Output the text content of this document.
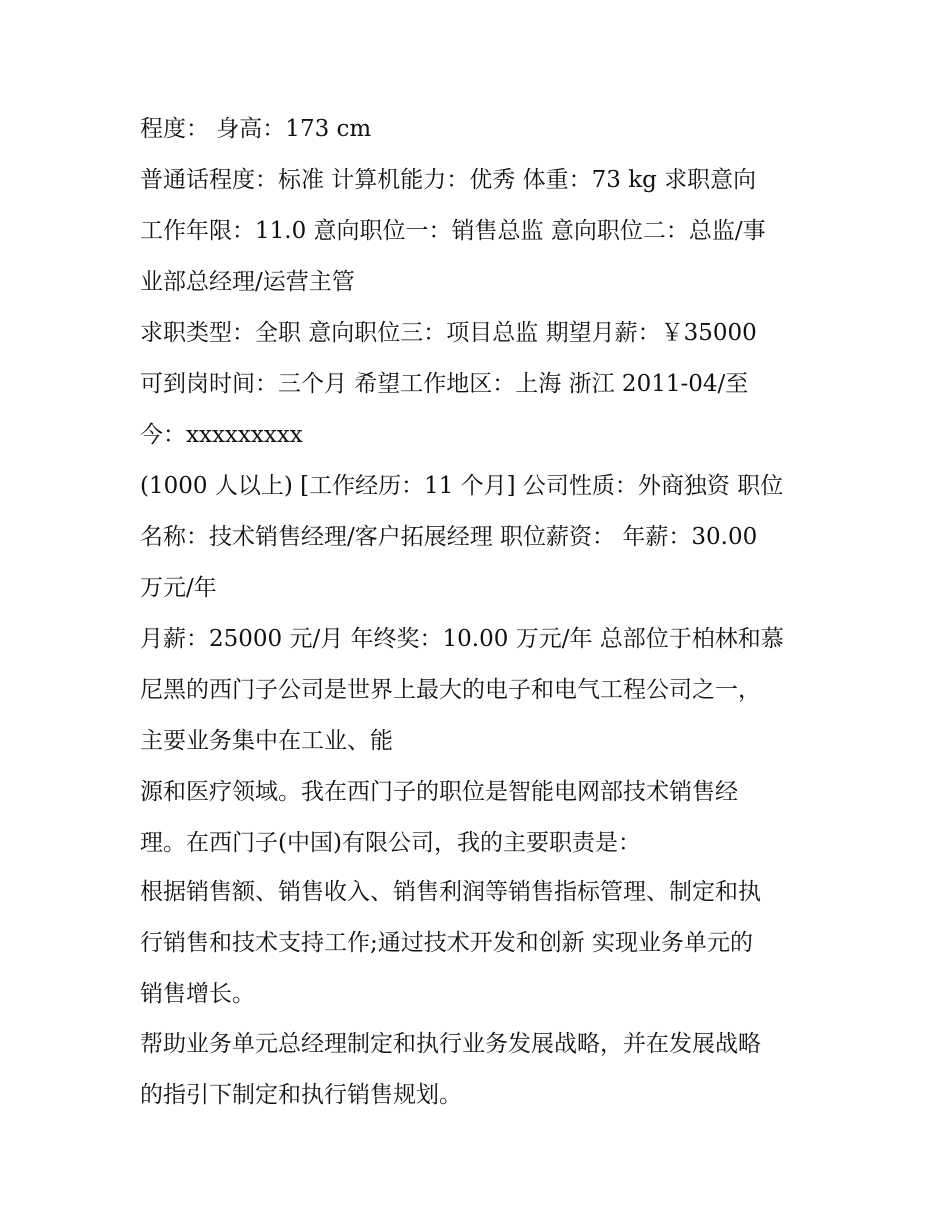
程度： 身高：173 cm
普通话程度：标准 计算机能力：优秀 体重：73 kg 求职意向
工作年限：11.0 意向职位一：销售总监 意向职位二：总监/事
业部总经理/运营主管
求职类型：全职 意向职位三：项目总监 期望月薪：￥35000
可到岗时间：三个月 希望工作地区：上海 浙江 2011-04/至
今：xxxxxxxxx
(1000 人以上) [工作经历：11 个月] 公司性质：外商独资 职位
名称：技术销售经理/客户拓展经理 职位薪资： 年薪：30.00
万元/年
月薪：25000 元/月 年终奖：10.00 万元/年 总部位于柏林和慕
尼黑的西门子公司是世界上最大的电子和电气工程公司之一，
主要业务集中在工业、能
源和医疗领域。我在西门子的职位是智能电网部技术销售经
理。在西门子(中国)有限公司，我的主要职责是：
根据销售额、销售收入、销售利润等销售指标管理、制定和执
行销售和技术支持工作;通过技术开发和创新 实现业务单元的
销售增长。
帮助业务单元总经理制定和执行业务发展战略，并在发展战略
的指引下制定和执行销售规划。
